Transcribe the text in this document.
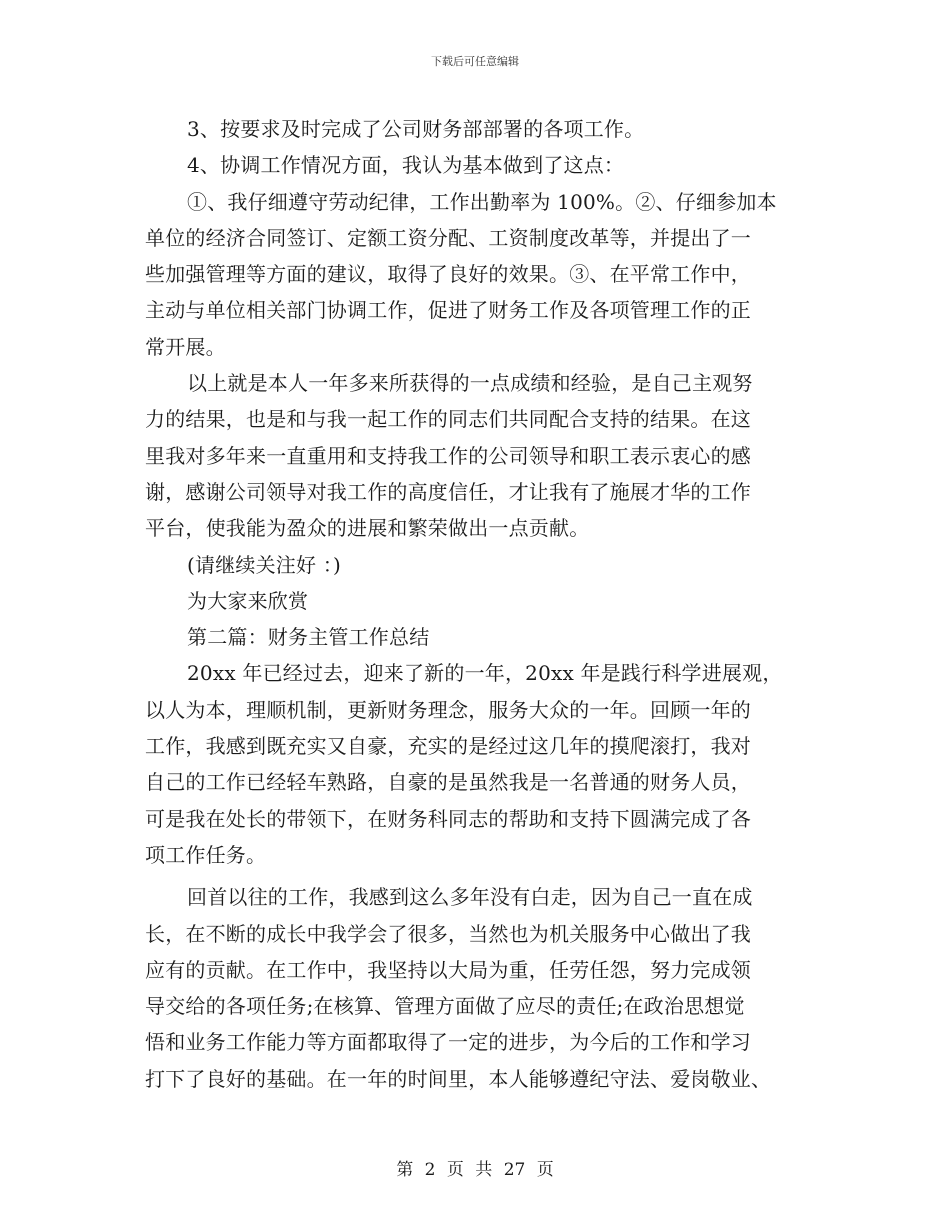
下载后可任意编辑
3、按要求及时完成了公司财务部部署的各项工作。
4、协调工作情况方面，我认为基本做到了这点：
①、我仔细遵守劳动纪律，工作出勤率为 100%。②、仔细参加本
单位的经济合同签订、定额工资分配、工资制度改革等，并提出了一
些加强管理等方面的建议，取得了良好的效果。③、在平常工作中，
主动与单位相关部门协调工作，促进了财务工作及各项管理工作的正
常开展。
以上就是本人一年多来所获得的一点成绩和经验，是自己主观努
力的结果，也是和与我一起工作的同志们共同配合支持的结果。在这
里我对多年来一直重用和支持我工作的公司领导和职工表示衷心的感
谢，感谢公司领导对我工作的高度信任，才让我有了施展才华的工作
平台，使我能为盈众的进展和繁荣做出一点贡献。
(请继续关注好 ：)
为大家来欣赏
第二篇：财务主管工作总结
20xx 年已经过去，迎来了新的一年，20xx 年是践行科学进展观，
以人为本，理顺机制，更新财务理念，服务大众的一年。回顾一年的
工作，我感到既充实又自豪，充实的是经过这几年的摸爬滚打，我对
自己的工作已经轻车熟路，自豪的是虽然我是一名普通的财务人员，
可是我在处长的带领下，在财务科同志的帮助和支持下圆满完成了各
项工作任务。
回首以往的工作，我感到这么多年没有白走，因为自己一直在成
长，在不断的成长中我学会了很多，当然也为机关服务中心做出了我
应有的贡献。在工作中，我坚持以大局为重，任劳任怨，努力完成领
导交给的各项任务;在核算、管理方面做了应尽的责任;在政治思想觉
悟和业务工作能力等方面都取得了一定的进步，为今后的工作和学习
打下了良好的基础。在一年的时间里，本人能够遵纪守法、爱岗敬业、
第 2 页 共 27 页
